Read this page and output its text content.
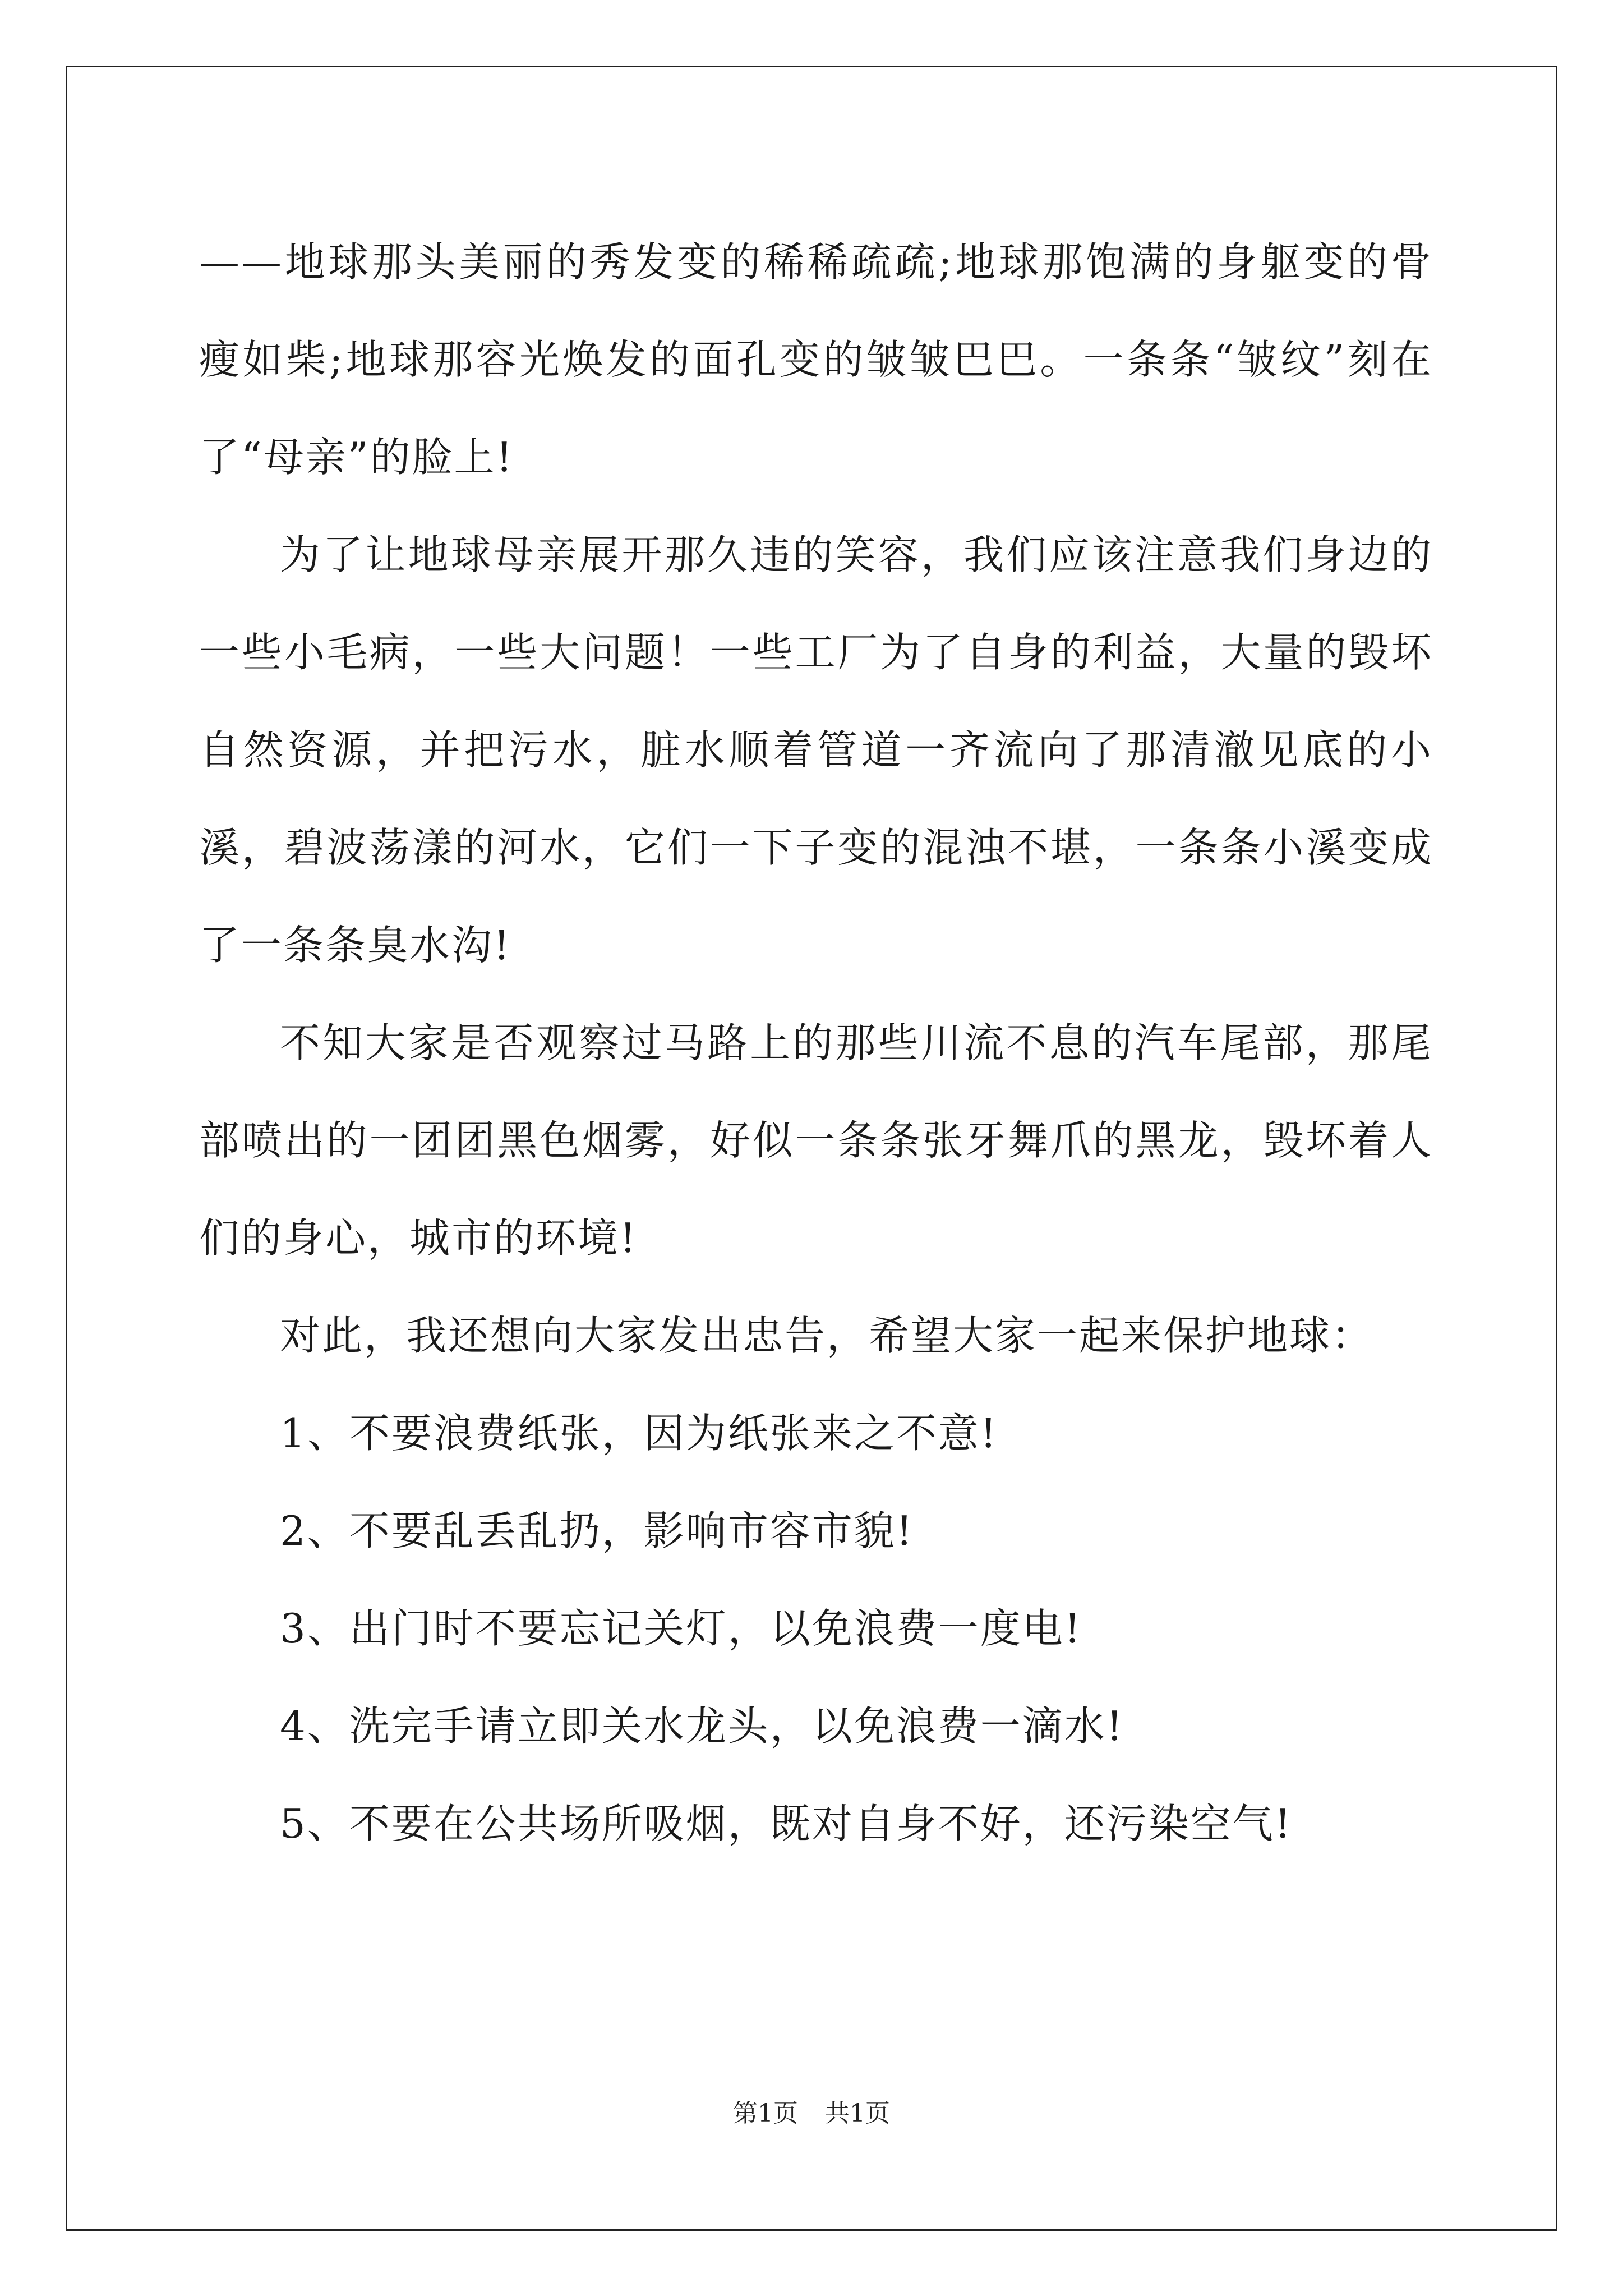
——地球那头美丽的秀发变的稀稀疏疏;地球那饱满的身躯变的骨瘦如柴;地球那容光焕发的面孔变的皱皱巴巴。一条条“皱纹”刻在了“母亲”的脸上!

为了让地球母亲展开那久违的笑容，我们应该注意我们身边的一些小毛病，一些大问题！一些工厂为了自身的利益，大量的毁坏自然资源，并把污水，脏水顺着管道一齐流向了那清澈见底的小溪，碧波荡漾的河水，它们一下子变的混浊不堪，一条条小溪变成了一条条臭水沟!

不知大家是否观察过马路上的那些川流不息的汽车尾部，那尾部喷出的一团团黑色烟雾，好似一条条张牙舞爪的黑龙，毁坏着人们的身心，城市的环境!

对此，我还想向大家发出忠告，希望大家一起来保护地球：

1、不要浪费纸张，因为纸张来之不意!

2、不要乱丢乱扔，影响市容市貌!

3、出门时不要忘记关灯，以免浪费一度电!

4、洗完手请立即关水龙头，以免浪费一滴水!

5、不要在公共场所吸烟，既对自身不好，还污染空气!

第1页 共1页
